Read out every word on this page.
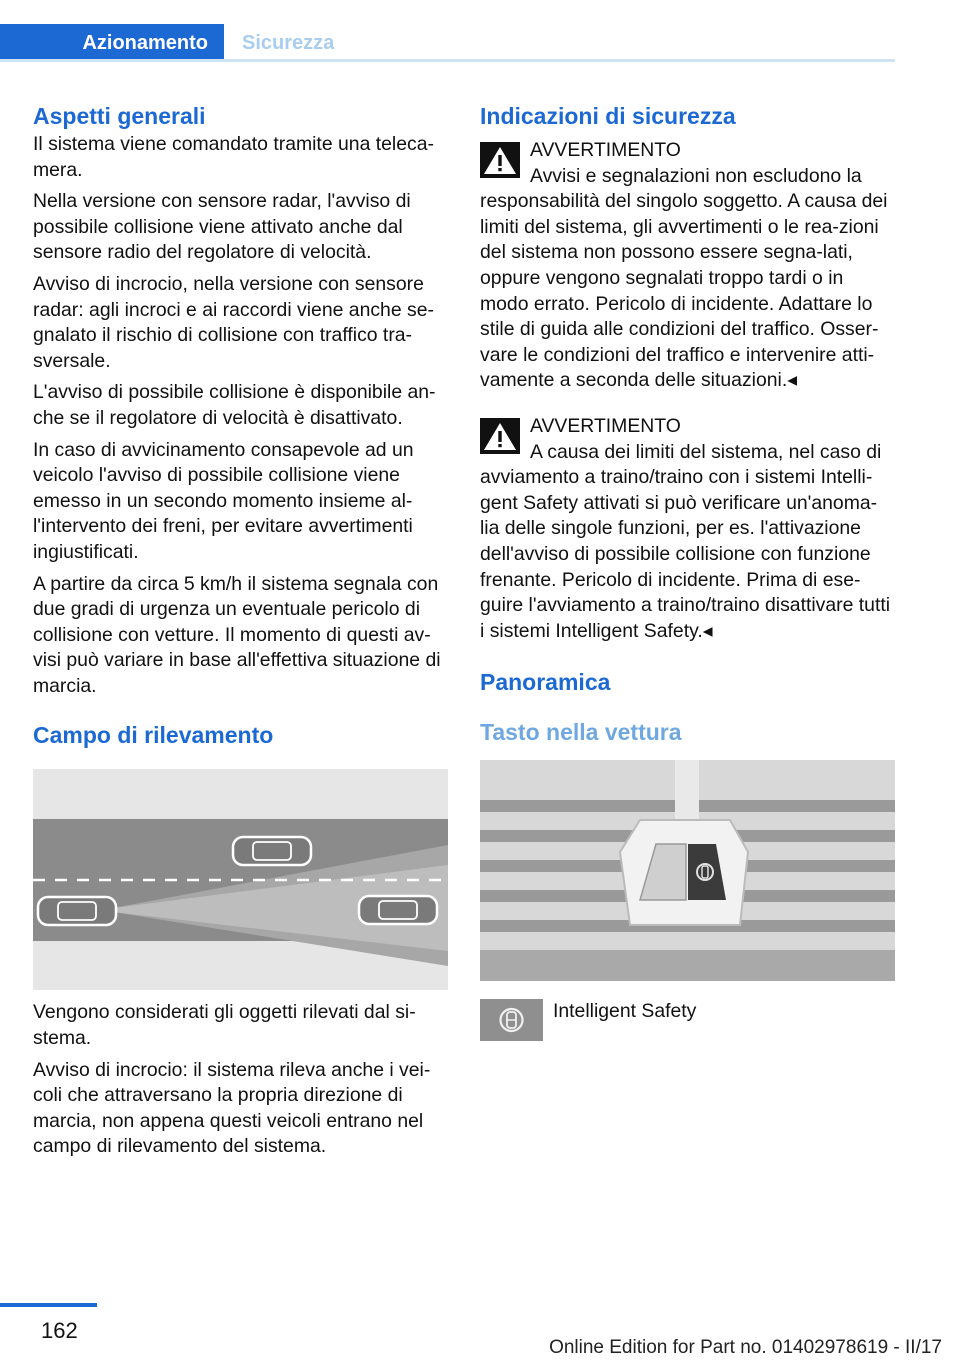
Azionamento	Sicurezza
Aspetti generali

Il sistema viene comandato tramite una teleca-mera.

Nella versione con sensore radar, l'avviso di possibile collisione viene attivato anche dal sensore radio del regolatore di velocità.

Avviso di incrocio, nella versione con sensore radar: agli incroci e ai raccordi viene anche se-gnalato il rischio di collisione con traffico tra-sversale.

L'avviso di possibile collisione è disponibile an-che se il regolatore di velocità è disattivato.

In caso di avvicinamento consapevole ad un veicolo l'avviso di possibile collisione viene emesso in un secondo momento insieme al-l'intervento dei freni, per evitare avvertimenti ingiustificati.

A partire da circa 5 km/h il sistema segnala con due gradi di urgenza un eventuale pericolo di collisione con vetture. Il momento di questi av-visi può variare in base all'effettiva situazione di marcia.

Campo di rilevamento

Vengono considerati gli oggetti rilevati dal si-stema.

Avviso di incrocio: il sistema rileva anche i vei-coli che attraversano la propria direzione di marcia, non appena questi veicoli entrano nel campo di rilevamento del sistema.

Indicazioni di sicurezza
AVVERTIMENTO
Avvisi e segnalazioni non escludono la

responsabilità del singolo soggetto. A causa dei limiti del sistema, gli avvertimenti o le rea-zioni del sistema non possono essere segna-lati, oppure vengono segnalati troppo tardi o in modo errato. Pericolo di incidente. Adattare lo stile di guida alle condizioni del traffico. Osser-vare le condizioni del traffico e intervenire atti-vamente a seconda delle situazioni.◂

AVVERTIMENTO
A causa dei limiti del sistema, nel caso di

avviamento a traino/traino con i sistemi Intelli-gent Safety attivati si può verificare un'anoma-lia delle singole funzioni, per es. l'attivazione dell'avviso di possibile collisione con funzione frenante. Pericolo di incidente. Prima di ese-guire l'avviamento a traino/traino disattivare tutti i sistemi Intelligent Safety.◂

Panoramica
Tasto nella vettura
Intelligent Safety
162
Online Edition for Part no. 01402978619 - II/17
